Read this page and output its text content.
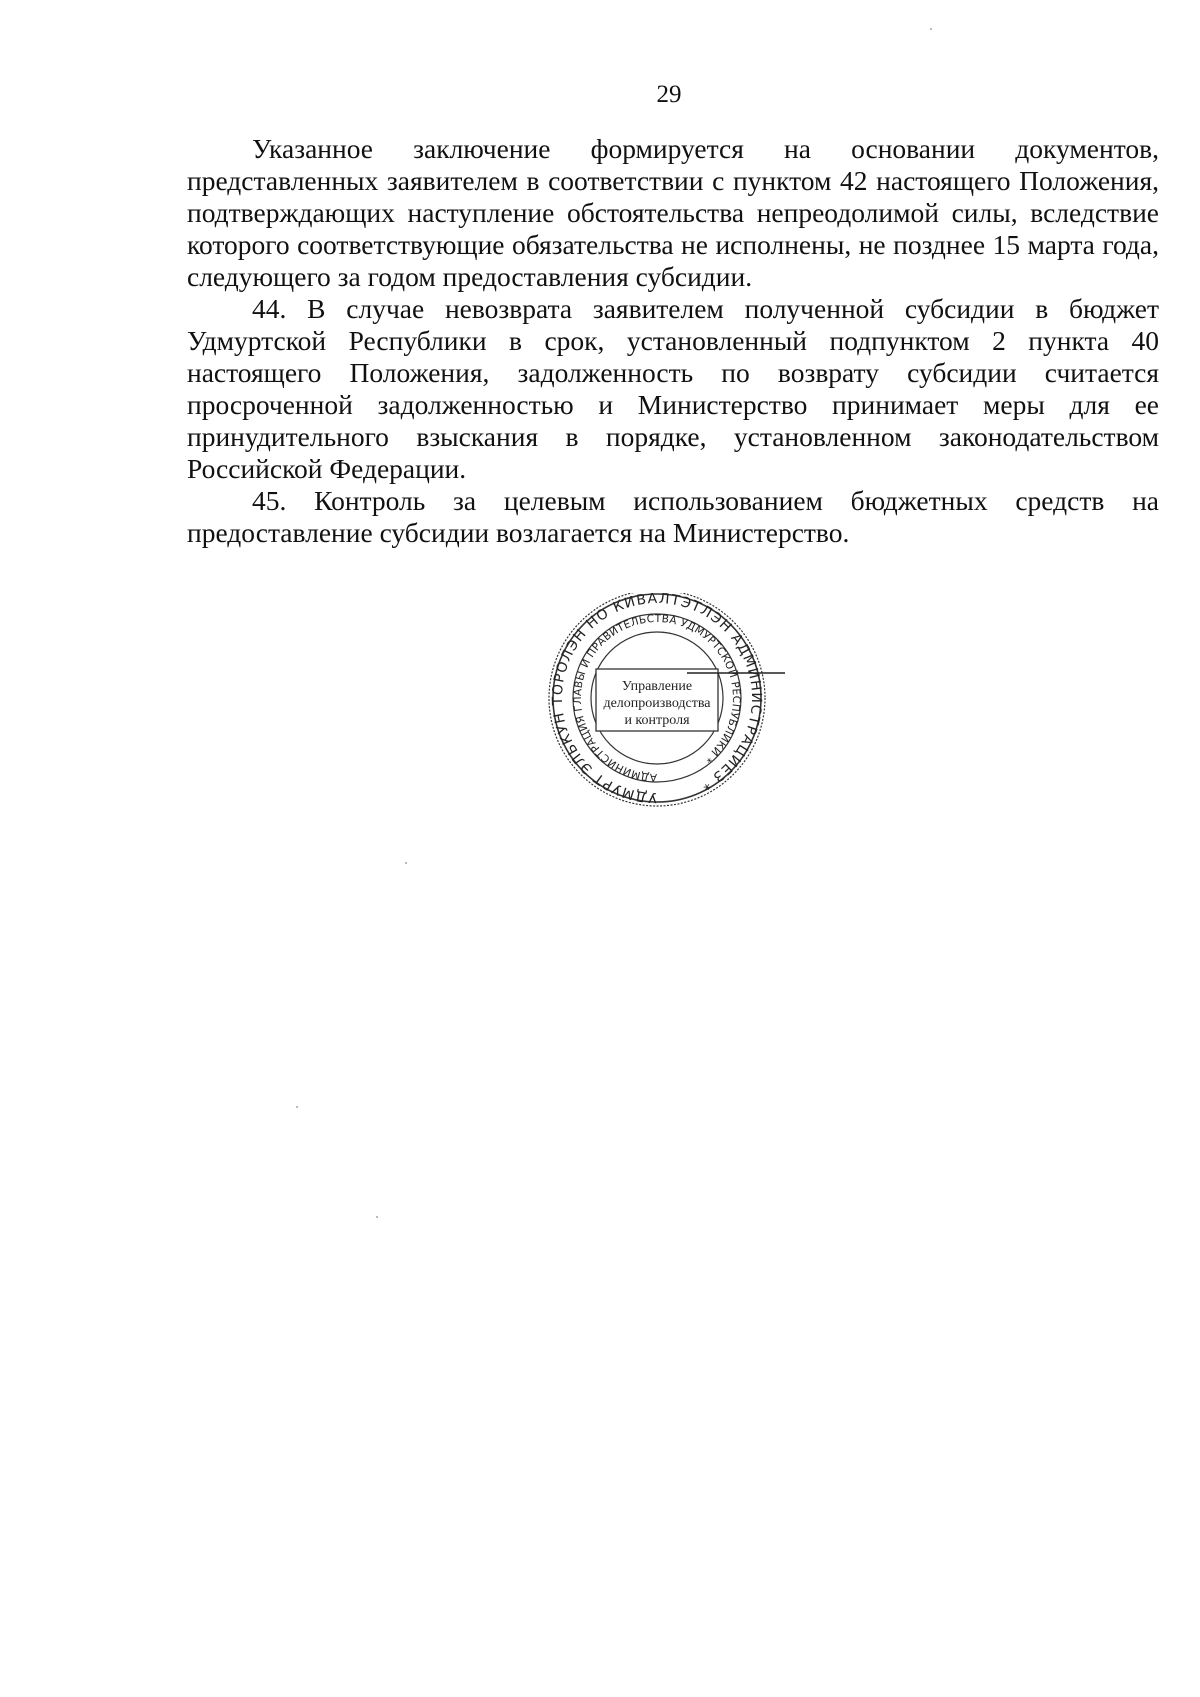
29

Указанное заключение формируется на основании документов, представленных заявителем в соответствии с пунктом 42 настоящего Положения, подтверждающих наступление обстоятельства непреодолимой силы, вследствие которого соответствующие обязательства не исполнены, не позднее 15 марта года, следующего за годом предоставления субсидии.

44. В случае невозврата заявителем полученной субсидии в бюджет Удмуртской Республики в срок, установленный подпунктом 2 пункта 40 настоящего Положения, задолженность по возврату субсидии считается просроченной задолженностью и Министерство принимает меры для ее принудительного взыскания в порядке, установленном законодательством Российской Федерации.

45. Контроль за целевым использованием бюджетных средств на предоставление субсидии возлагается на Министерство.

УДМУРТ ЭЛЬКУН ТОРОЛЭН НО КИВАЛТЭТЛЭН АДМИНИСТРАЦИЕЗ *
АДМИНИСТРАЦИЯ ГЛАВЫ И ПРАВИТЕЛЬСТВА УДМУРТСКОЙ РЕСПУБЛИКИ *
Управление
делопроизводства
и контроля
